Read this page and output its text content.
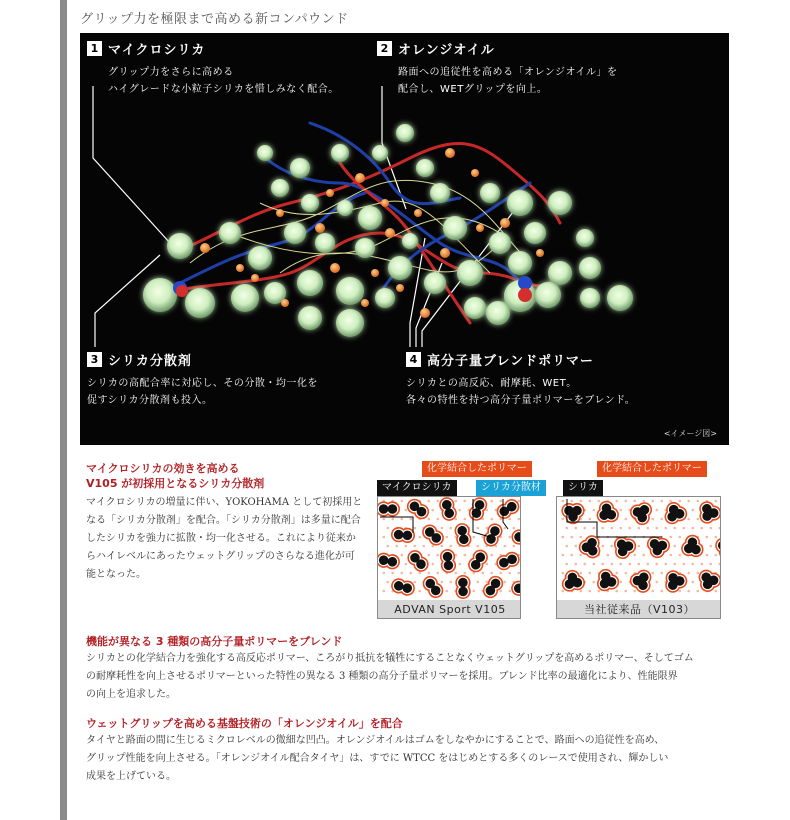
グリップ力を極限まで高める新コンパウンド
1 マイクロシリカ
グリップ力をさらに高める
ハイグレードな小粒子シリカを惜しみなく配合。
2 オレンジオイル
路面への追従性を高める「オレンジオイル」を
配合し、WETグリップを向上。
3 シリカ分散剤
シリカの高配合率に対応し、その分散・均一化を
促すシリカ分散剤も投入。
4 高分子量ブレンドポリマー
シリカとの高反応、耐摩耗、WET。
各々の特性を持つ高分子量ポリマーをブレンド。
<イメージ図>
マイクロシリカの効きを高める
V105 が初採用となるシリカ分散剤
マイクロシリカの増量に伴い、YOKOHAMA として初採用と
なる「シリカ分散剤」を配合。「シリカ分散剤」は多量に配合
したシリカを強力に拡散・均一化させる。これにより従来か
らハイレベルにあったウェットグリップのさらなる進化が可
能となった。
化学結合したポリマー
マイクロシリカ	シリカ分散材
ADVAN Sport V105
化学結合したポリマー
シリカ
当社従来品（V103）
機能が異なる 3 種類の高分子量ポリマーをブレンド
シリカとの化学結合力を強化する高反応ポリマー、ころがり抵抗を犠牲にすることなくウェットグリップを高めるポリマー、そしてゴム
の耐摩耗性を向上させるポリマーといった特性の異なる 3 種類の高分子量ポリマーを採用。ブレンド比率の最適化により、性能限界
の向上を追求した。
ウェットグリップを高める基盤技術の「オレンジオイル」を配合
タイヤと路面の間に生じるミクロレベルの微細な凹凸。オレンジオイルはゴムをしなやかにすることで、路面への追従性を高め、
グリップ性能を向上させる。「オレンジオイル配合タイヤ」は、すでに WTCC をはじめとする多くのレースで使用され、輝かしい
成果を上げている。
